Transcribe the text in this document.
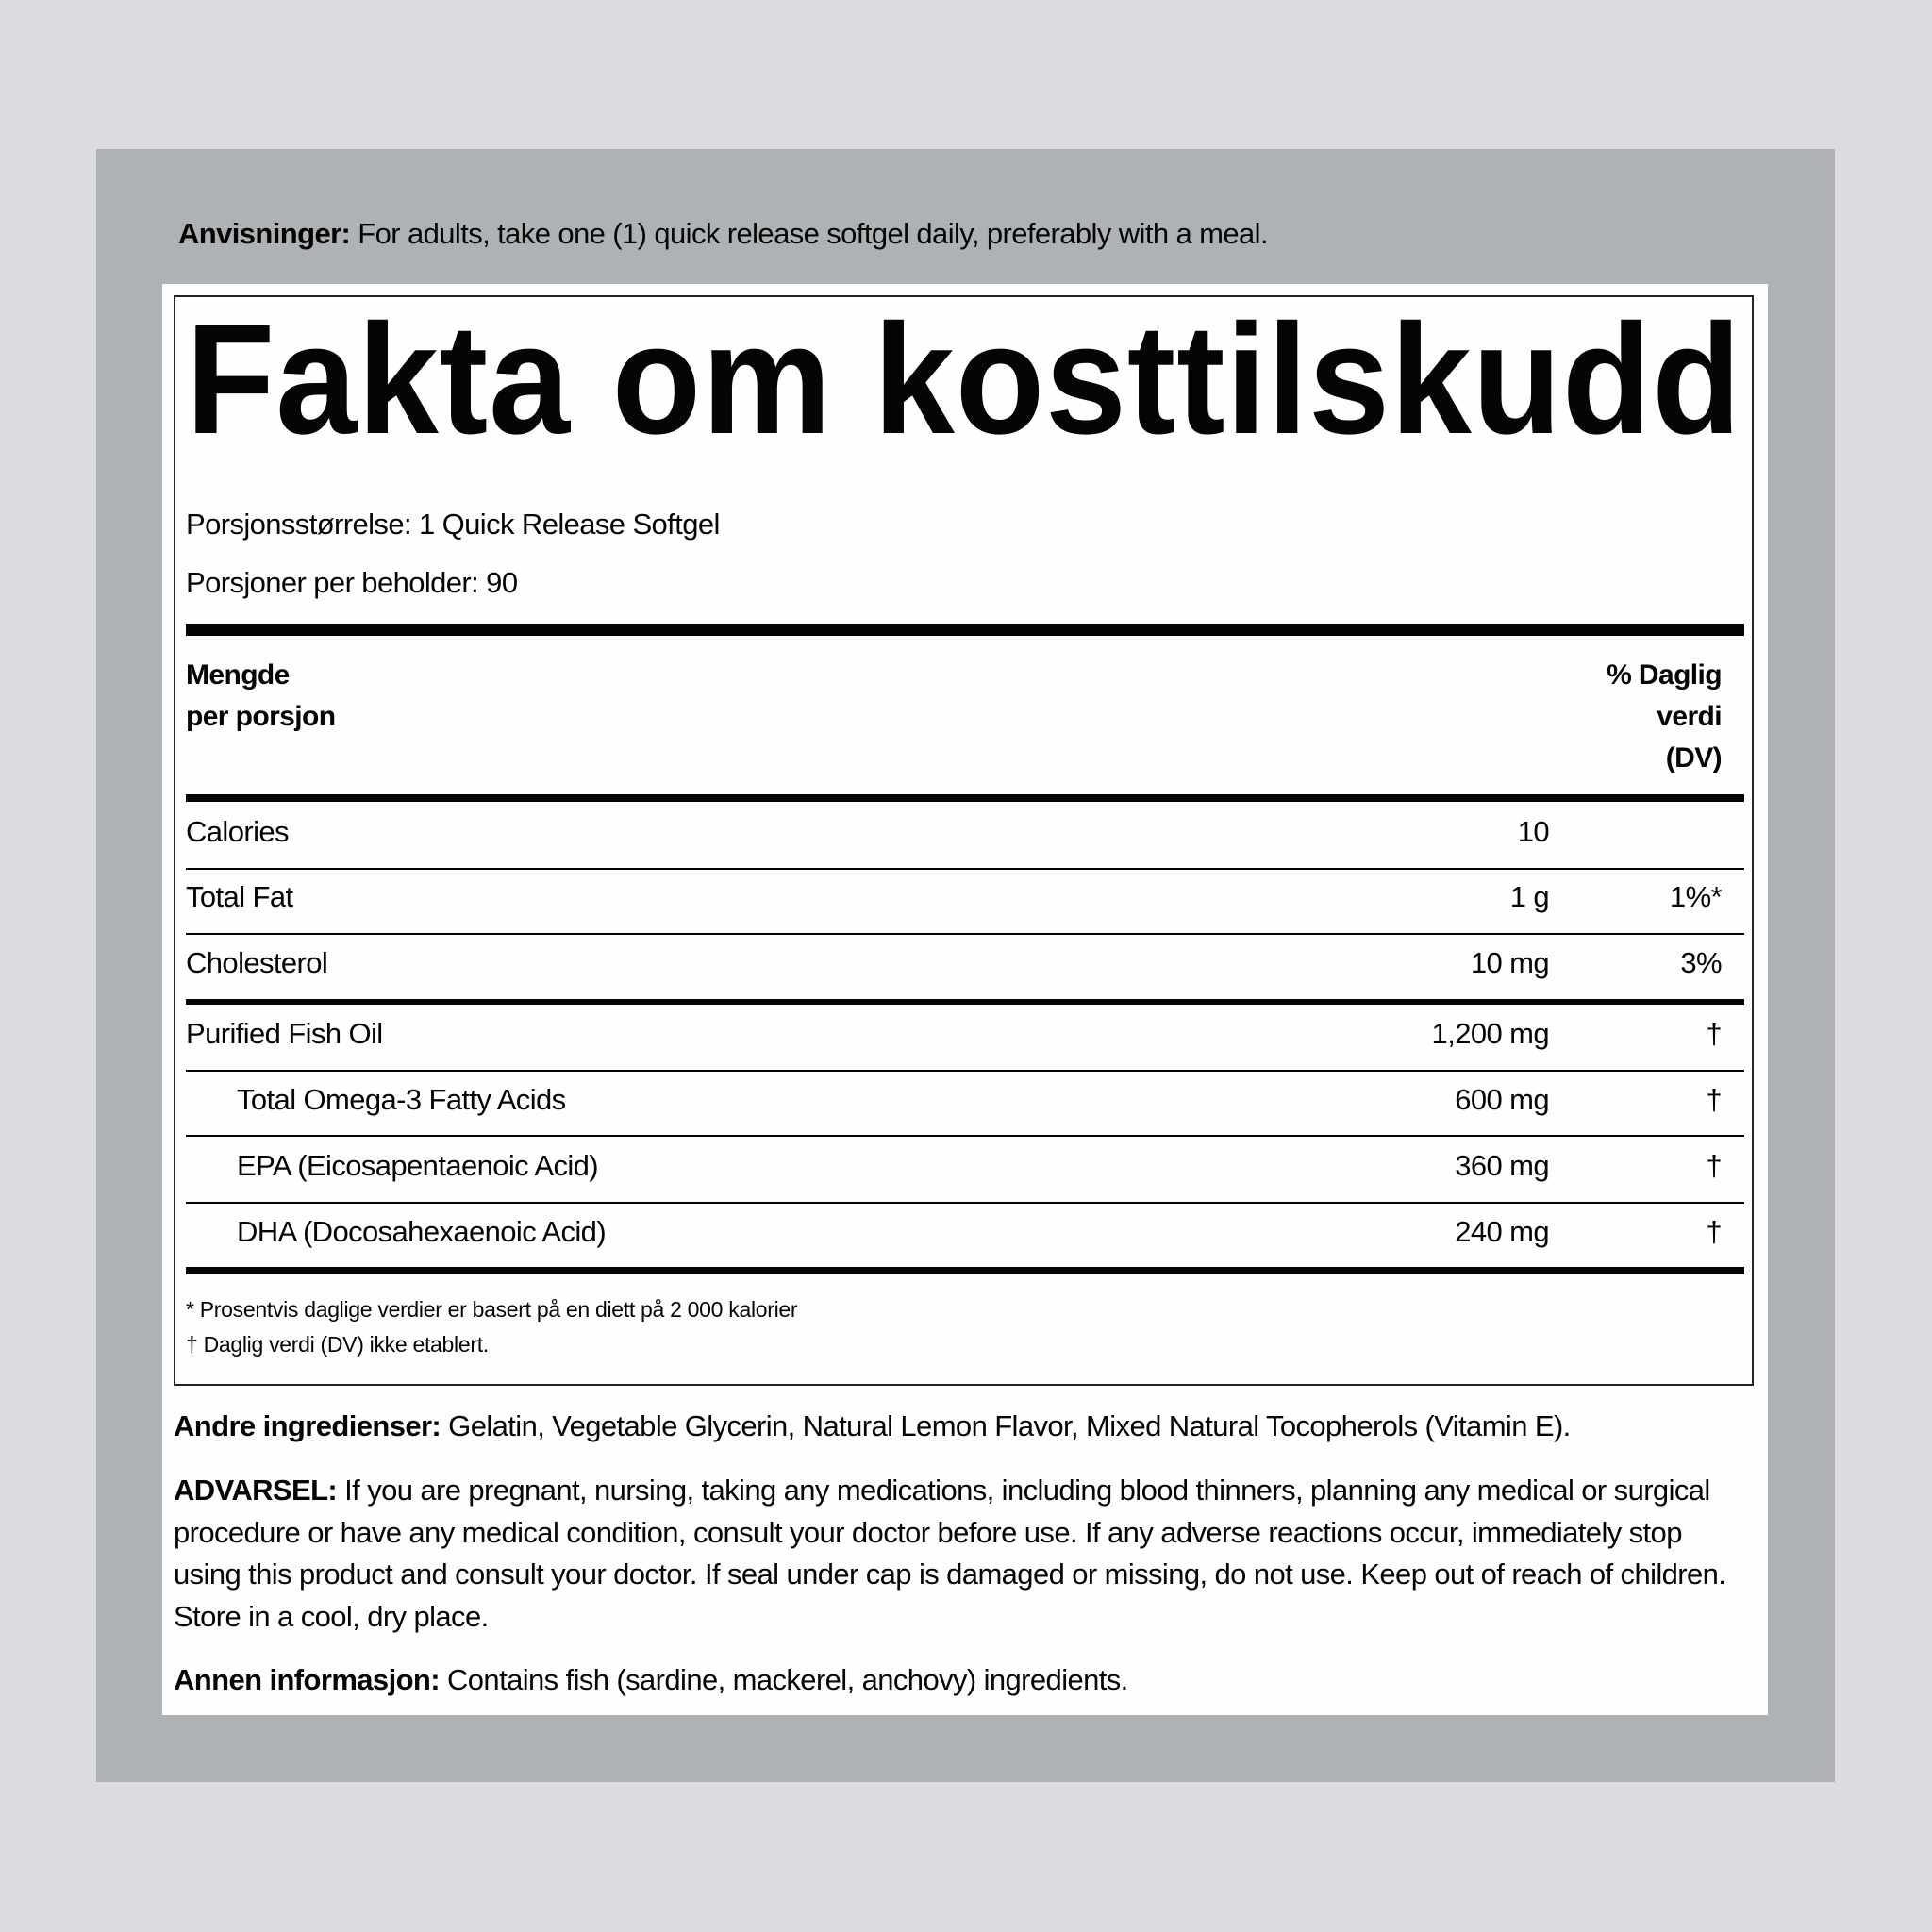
Anvisninger: For adults, take one (1) quick release softgel daily, preferably with a meal.
Fakta om kosttilskudd
Porsjonsstørrelse: 1 Quick Release Softgel
Porsjoner per beholder: 90
Mengde
per porsjon
% Daglig
verdi
(DV)
Calories	10
Total Fat	1 g	1%*
Cholesterol	10 mg	3%
Purified Fish Oil	1,200 mg	†
Total Omega-3 Fatty Acids	600 mg	†
EPA (Eicosapentaenoic Acid)	360 mg	†
DHA (Docosahexaenoic Acid)	240 mg	†
* Prosentvis daglige verdier er basert på en diett på 2 000 kalorier
† Daglig verdi (DV) ikke etablert.
Andre ingredienser: Gelatin, Vegetable Glycerin, Natural Lemon Flavor, Mixed Natural Tocopherols (Vitamin E).
ADVARSEL: If you are pregnant, nursing, taking any medications, including blood thinners, planning any medical or surgical procedure or have any medical condition, consult your doctor before use. If any adverse reactions occur, immediately stop using this product and consult your doctor. If seal under cap is damaged or missing, do not use. Keep out of reach of children. Store in a cool, dry place.
Annen informasjon: Contains fish (sardine, mackerel, anchovy) ingredients.
